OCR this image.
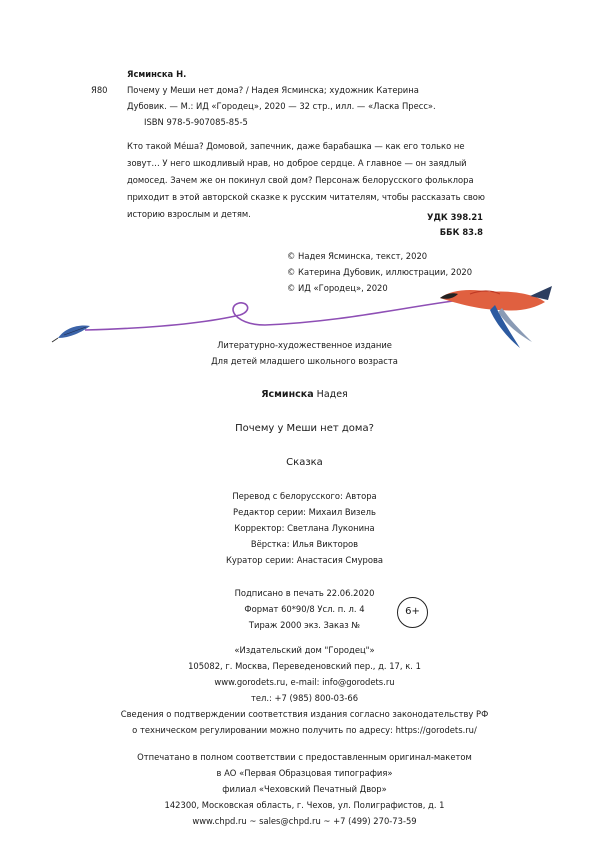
Ясминска Н.
Я80 Почему у Меши нет дома? / Надея Ясминска; художник Катерина
Дубовик. — М.: ИД «Городец», 2020 — 32 стр., илл. — «Ласка Пресс».
ISBN 978-5-907085-85-5
Кто такой Мéша? Домовой, запечник, даже барабашка — как его только не зовут… У него шкодливый нрав, но доброе сердце. А главное — он заядлый домосед. Зачем же он покинул свой дом? Персонаж белорусского фольклора приходит в этой авторской сказке к русским читателям, чтобы рассказать свою историю взрослым и детям.	УДК 398.21
ББК 83.8
© Надея Ясминска, текст, 2020
© Катерина Дубовик, иллюстрации, 2020
© ИД «Городец», 2020
Литературно-художественное издание
Для детей младшего школьного возраста
Ясминска Надея
Почему у Меши нет дома?
Сказка
Перевод с белорусского: Автора
Редактор серии: Михаил Визель
Корректор: Светлана Луконина
Вёрстка: Илья Викторов
Куратор серии: Анастасия Смурова
Подписано в печать 22.06.2020
Формат 60*90/8 Усл. п. л. 4
Тираж 2000 экз. Заказ №
6+
«Издательский дом "Городец"»
105082, г. Москва, Переведеновский пер., д. 17, к. 1
www.gorodets.ru, e-mail: info@gorodets.ru
тел.: +7 (985) 800-03-66
Сведения о подтверждении соответствия издания согласно законодательству РФ
о техническом регулировании можно получить по адресу: https://gorodets.ru/
Отпечатано в полном соответствии с предоставленным оригинал-макетом
в АО «Первая Образцовая типография»
филиал «Чеховский Печатный Двор»
142300, Московская область, г. Чехов, ул. Полиграфистов, д. 1
www.chpd.ru ~ sales@chpd.ru ~ +7 (499) 270-73-59
